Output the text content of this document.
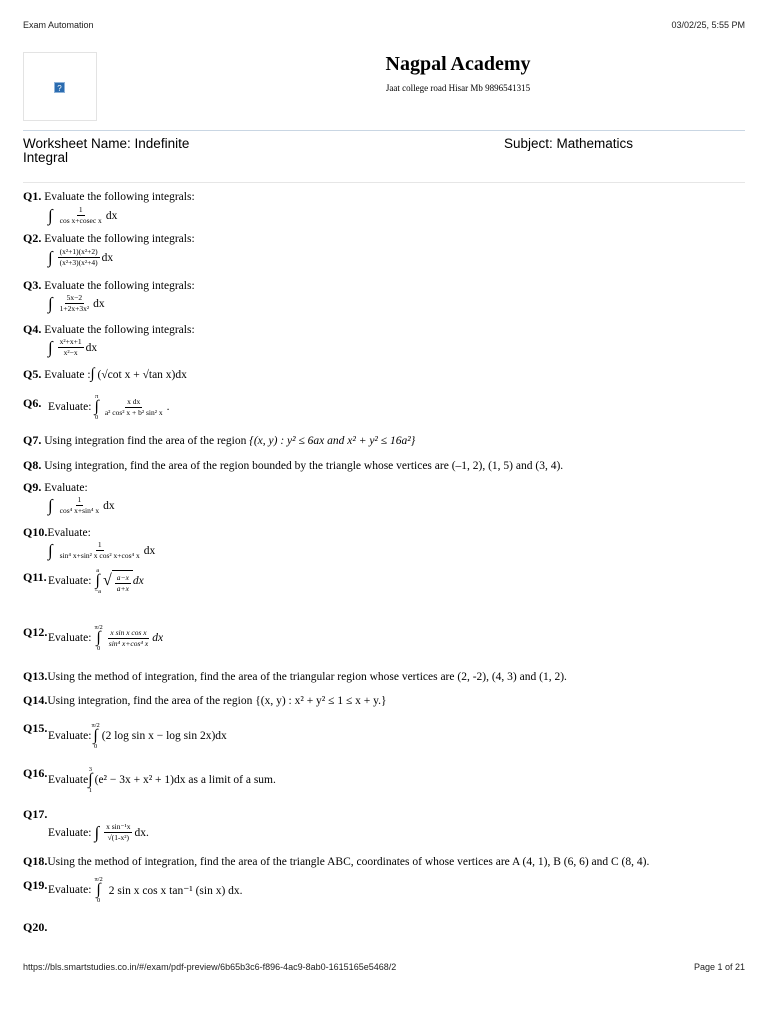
Exam Automation	03/02/25, 5:55 PM
?
Nagpal Academy
Jaat college road Hisar Mb 9896541315
Worksheet Name: Indefinite
Integral
Subject: Mathematics
Q1. Evaluate the following integrals:
∫	1
cos x+cosec x dx
Q2. Evaluate the following integrals:
∫ (x²+1)(x²+2)
(x²+3)(x²+4) dx
Q3. Evaluate the following integrals:
∫ 5x−2
1+2x+3x² dx
Q4. Evaluate the following integrals:
∫ x²+x+1
x²−x dx
Q5. Evaluate :∫ (√cot x + √tan x)dx
Q6. Evaluate:
π
∫
0
x dx
a² cos² x + b² sin² x .
Q7. Using integration find the area of the region {(x, y) : y² ≤ 6ax and x² + y² ≤ 16a²}
Q8. Using integration, find the area of the region bounded by the triangle whose vertices are (–1, 2), (1, 5) and (3, 4).
Q9. Evaluate:
∫	1
cos⁴ x+sin⁴ x dx
Q10.Evaluate:
∫	1
sin⁴ x+sin² x cos² x+cos⁴ x dx
Q11. Evaluate:
a
∫
−a
√ $\frac{a-x}{a+x}$ dx
Q12. Evaluate:
π/2
∫
0
x sin x cos x
sin⁴ x+cos⁴ x dx
Q13.Using the method of integration, find the area of the triangular region whose vertices are (2, -2), (4, 3) and (1, 2).
Q14.Using integration, find the area of the region {(x, y) : x² + y² ≤ 1 ≤ x + y.}
Q15.
Evaluate:
π/2
∫
0
(2 log sin x − log sin 2x)dx
Q16. Evaluate
3
∫
1
(e² − 3x + x² + 1)dx as a limit of a sum.
Q17.
Evaluate: ∫ x sin⁻¹x
√(1-x²) dx.
Q18.Using the method of integration, find the area of the triangle ABC, coordinates of whose vertices are A (4, 1), B (6, 6) and C (8, 4).
Q19. Evaluate:
π/2
∫
0
2 sin x cos x tan⁻¹ (sin x) dx.
Q20.
https://bls.smartstudies.co.in/#/exam/pdf-preview/6b65b3c6-f896-4ac9-8ab0-1615165e5468/2	Page 1 of 21
